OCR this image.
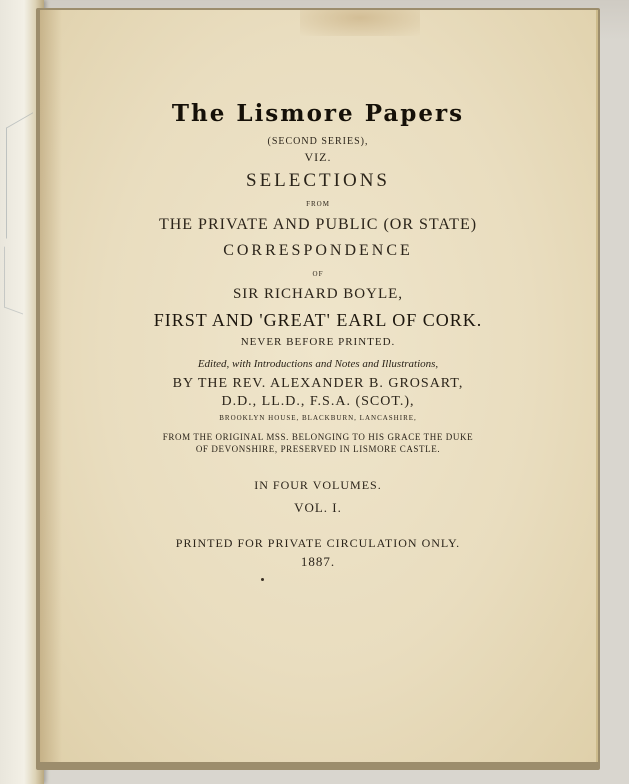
The Lismore Papers
(SECOND SERIES),
VIZ.
SELECTIONS
FROM
THE PRIVATE AND PUBLIC (OR STATE)
CORRESPONDENCE
OF
SIR RICHARD BOYLE,
FIRST AND 'GREAT' EARL OF CORK.
NEVER BEFORE PRINTED.
Edited, with Introductions and Notes and Illustrations,
BY THE REV. ALEXANDER B. GROSART,
D.D., LL.D., F.S.A. (SCOT.),
BROOKLYN HOUSE, BLACKBURN, LANCASHIRE,
FROM THE ORIGINAL MSS. BELONGING TO HIS GRACE THE DUKE
OF DEVONSHIRE, PRESERVED IN LISMORE CASTLE.
IN FOUR VOLUMES.
VOL. I.
PRINTED FOR PRIVATE CIRCULATION ONLY.
1887.
